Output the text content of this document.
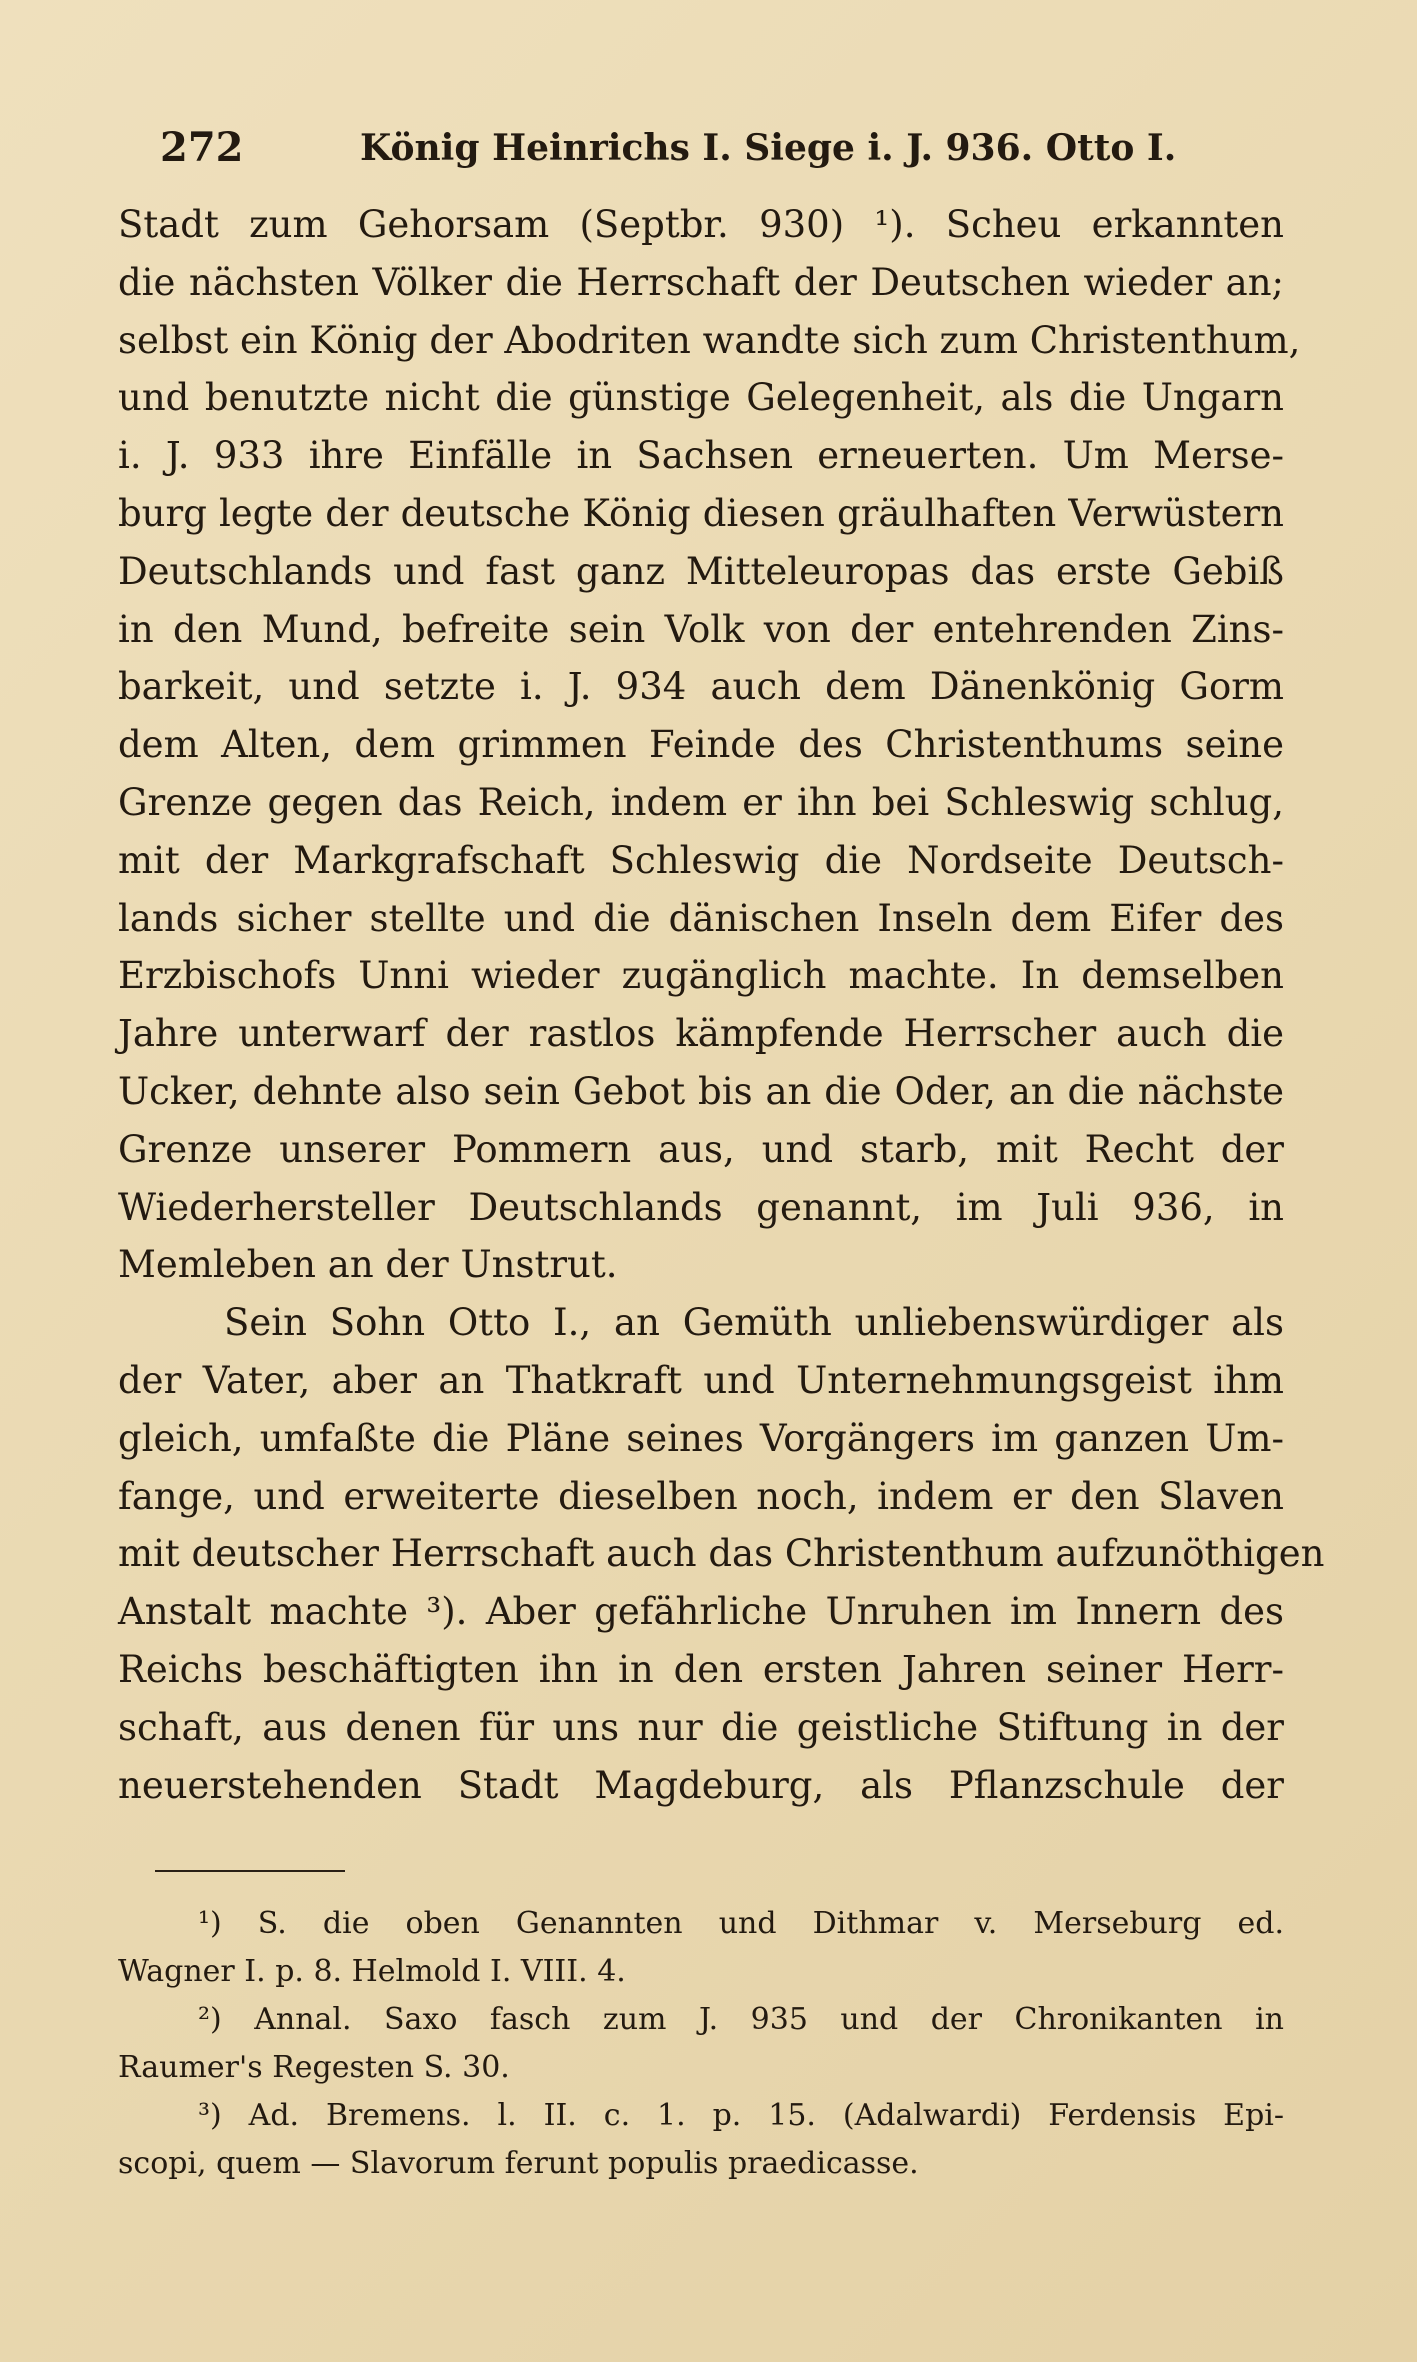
272	König Heinrichs I. Siege i. J. 936. Otto I.
Stadt zum Gehorsam (Septbr. 930) ¹). Scheu erkannten
die nächsten Völker die Herrschaft der Deutschen wieder an;
selbst ein König der Abodriten wandte sich zum Christenthum,
und benutzte nicht die günstige Gelegenheit, als die Ungarn
i. J. 933 ihre Einfälle in Sachsen erneuerten. Um Merse-
burg legte der deutsche König diesen gräulhaften Verwüstern
Deutschlands und fast ganz Mitteleuropas das erste Gebiß
in den Mund, befreite sein Volk von der entehrenden Zins-
barkeit, und setzte i. J. 934 auch dem Dänenkönig Gorm
dem Alten, dem grimmen Feinde des Christenthums seine
Grenze gegen das Reich, indem er ihn bei Schleswig schlug,
mit der Markgrafschaft Schleswig die Nordseite Deutsch-
lands sicher stellte und die dänischen Inseln dem Eifer des
Erzbischofs Unni wieder zugänglich machte. In demselben
Jahre unterwarf der rastlos kämpfende Herrscher auch die
Ucker, dehnte also sein Gebot bis an die Oder, an die nächste
Grenze unserer Pommern aus, und starb, mit Recht der
Wiederhersteller Deutschlands genannt, im Juli 936, in
Memleben an der Unstrut.
Sein Sohn Otto I., an Gemüth unliebenswürdiger als
der Vater, aber an Thatkraft und Unternehmungsgeist ihm
gleich, umfaßte die Pläne seines Vorgängers im ganzen Um-
fange, und erweiterte dieselben noch, indem er den Slaven
mit deutscher Herrschaft auch das Christenthum aufzunöthigen
Anstalt machte ³). Aber gefährliche Unruhen im Innern des
Reichs beschäftigten ihn in den ersten Jahren seiner Herr-
schaft, aus denen für uns nur die geistliche Stiftung in der
neuerstehenden Stadt Magdeburg, als Pflanzschule der
¹) S. die oben Genannten und Dithmar v. Merseburg ed.
Wagner I. p. 8. Helmold I. VIII. 4.
²) Annal. Saxo fasch zum J. 935 und der Chronikanten in
Raumer's Regesten S. 30.
³) Ad. Bremens. l. II. c. 1. p. 15. (Adalwardi) Ferdensis Epi-
scopi, quem — Slavorum ferunt populis praedicasse.
